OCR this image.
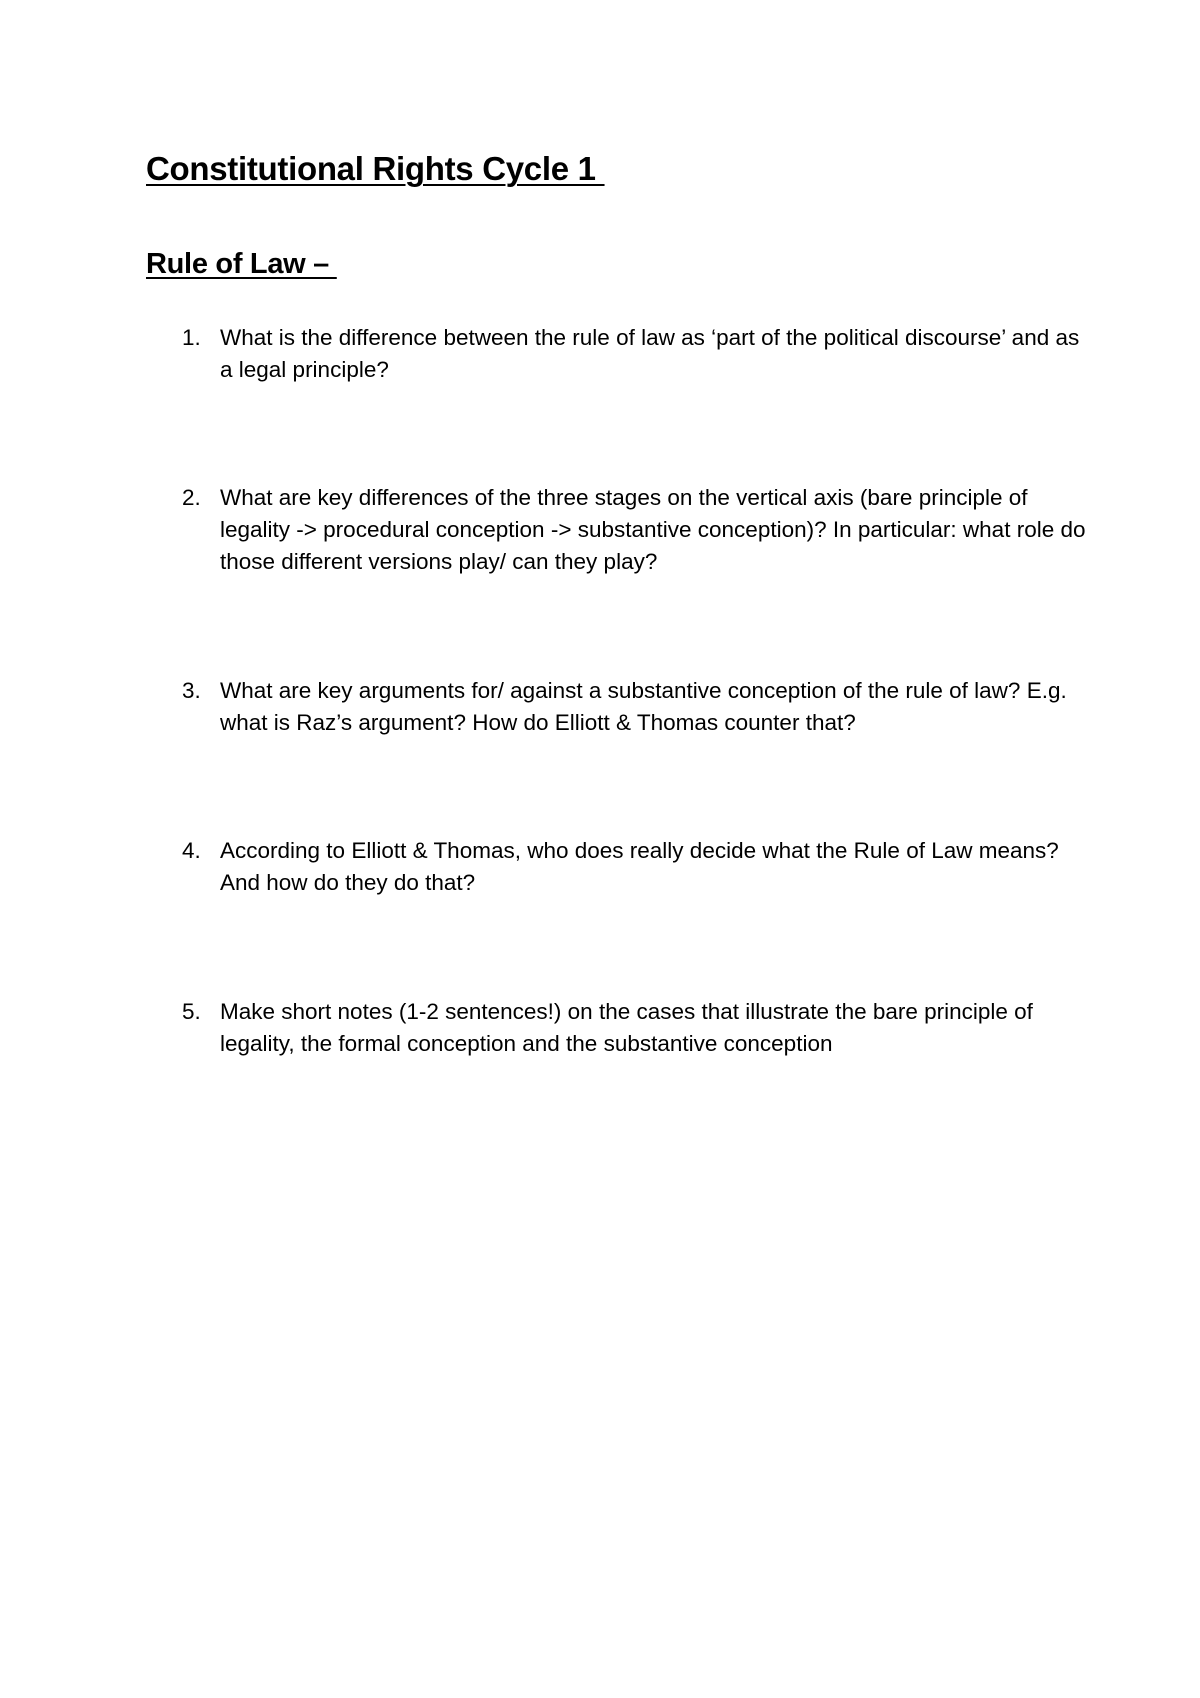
Constitutional Rights Cycle 1
Rule of Law –
1. What is the difference between the rule of law as ‘part of the political discourse’ and as a legal principle?

2. What are key differences of the three stages on the vertical axis (bare principle of legality -> procedural conception -> substantive conception)? In particular: what role do those different versions play/ can they play?

3. What are key arguments for/ against a substantive conception of the rule of law? E.g. what is Raz’s argument? How do Elliott & Thomas counter that?

4. According to Elliott & Thomas, who does really decide what the Rule of Law means? And how do they do that?

5. Make short notes (1-2 sentences!) on the cases that illustrate the bare principle of legality, the formal conception and the substantive conception
